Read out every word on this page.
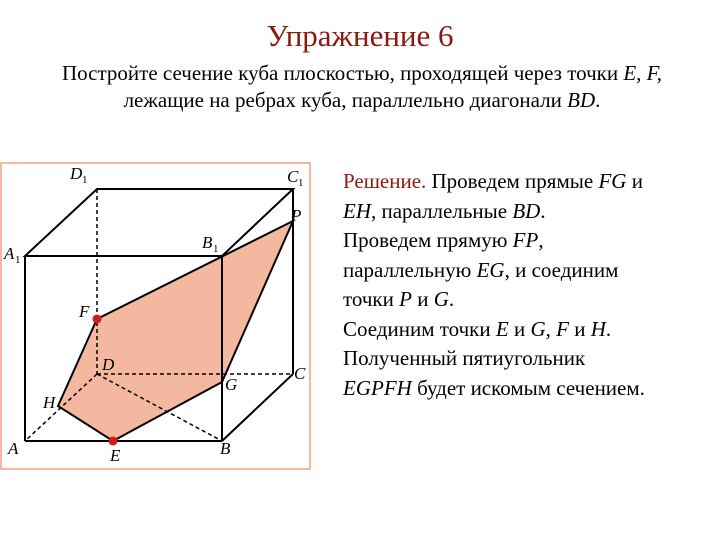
Упражнение 6
Постройте сечение куба плоскостью, проходящей через точки E, F,
лежащие на ребрах куба, параллельно диагонали BD.
A	B
C
D
A 1
B 1
C 1
D 1
E
F
G
H
P
Решение. Проведем прямые FG и
EH, параллельные BD.
Проведем прямую FP,
параллельную EG, и соединим
точки P и G.
Соединим точки E и G, F и H.
Полученный пятиугольник
EGPFH будет искомым сечением.
